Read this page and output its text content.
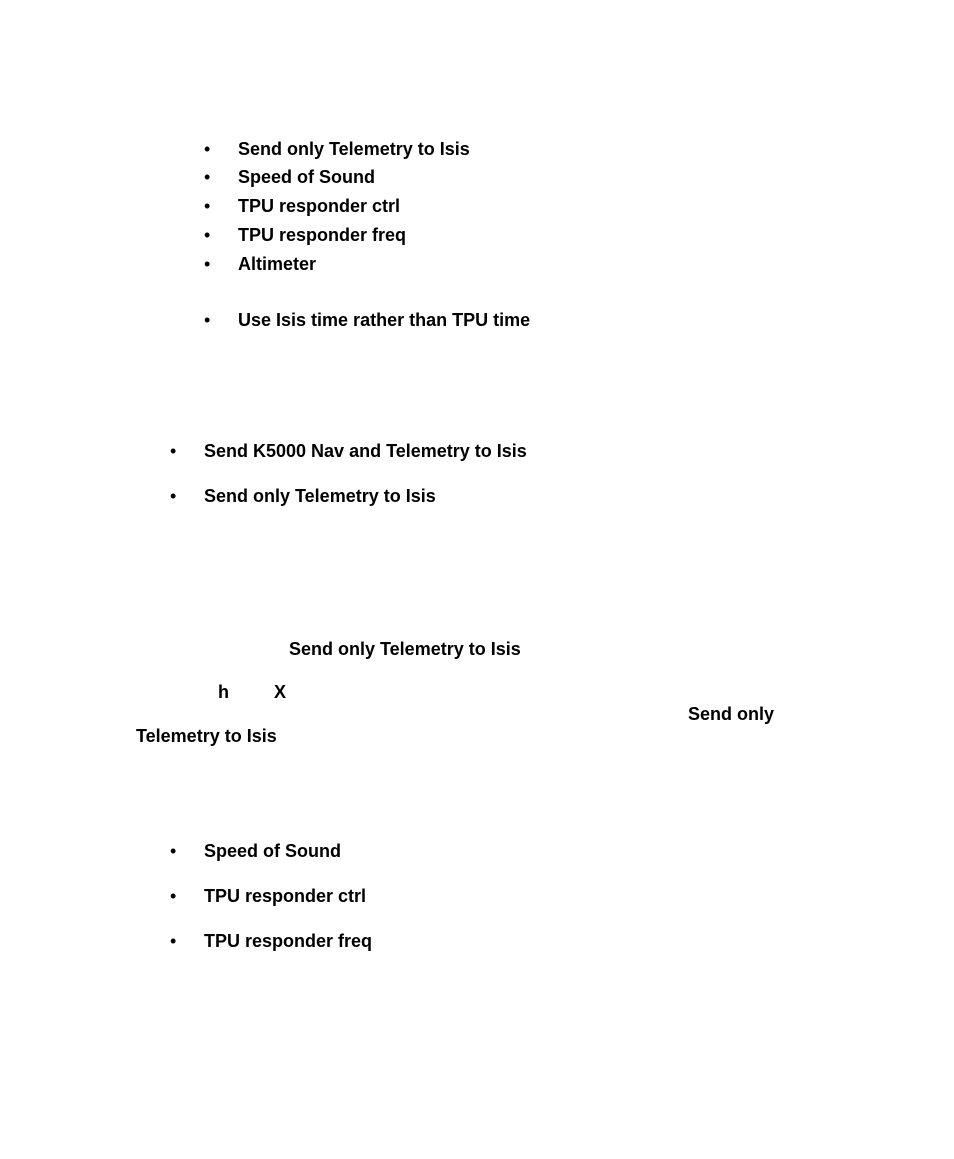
• Send only Telemetry to Isis
• Speed of Sound
• TPU responder ctrl
• TPU responder freq
• Altimeter
• Use Isis time rather than TPU time
• Send K5000 Nav and Telemetry to Isis
• Send only Telemetry to Isis
Send only Telemetry to Isis
h	X
Send only
Telemetry to Isis
• Speed of Sound
• TPU responder ctrl
• TPU responder freq
